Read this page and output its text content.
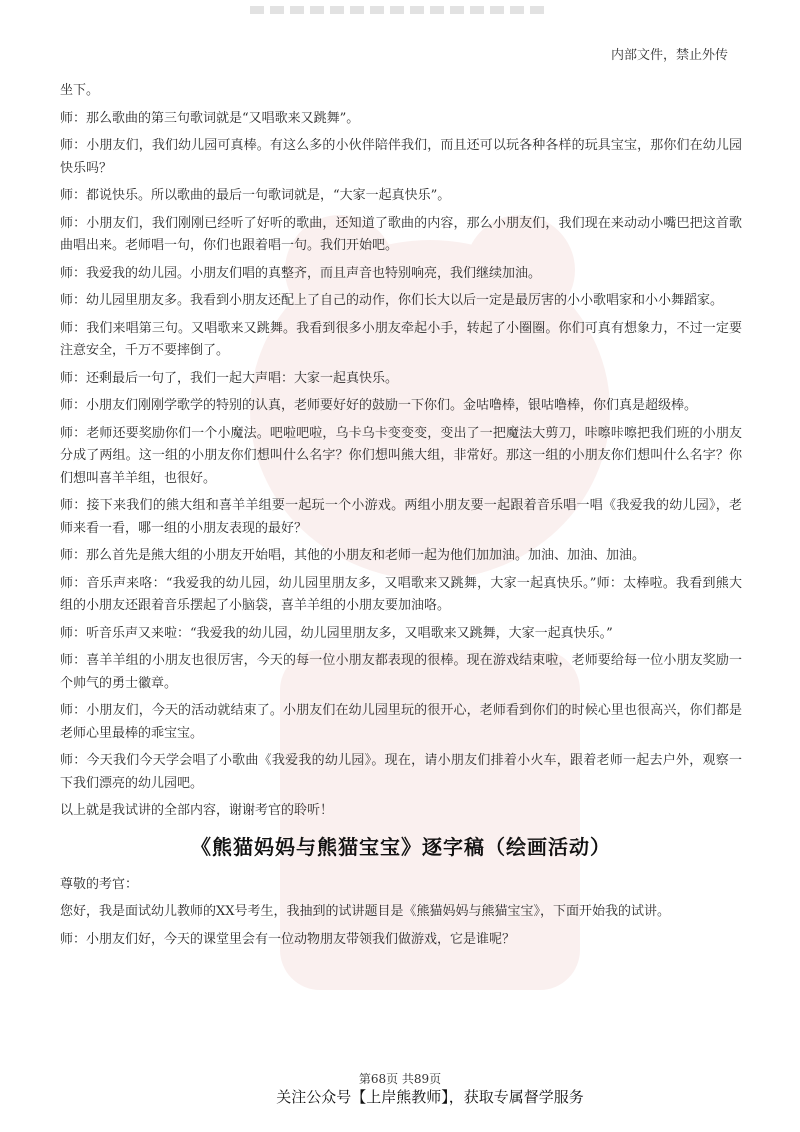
内部文件，禁止外传

坐下。

师：那么歌曲的第三句歌词就是“又唱歌来又跳舞”。

师：小朋友们，我们幼儿园可真棒。有这么多的小伙伴陪伴我们，而且还可以玩各种各样的玩具宝宝，那你们在幼儿园快乐吗？

师：都说快乐。所以歌曲的最后一句歌词就是，“大家一起真快乐”。

师：小朋友们，我们刚刚已经听了好听的歌曲，还知道了歌曲的内容，那么小朋友们，我们现在来动动小嘴巴把这首歌曲唱出来。老师唱一句，你们也跟着唱一句。我们开始吧。

师：我爱我的幼儿园。小朋友们唱的真整齐，而且声音也特别响亮，我们继续加油。

师：幼儿园里朋友多。我看到小朋友还配上了自己的动作，你们长大以后一定是最厉害的小小歌唱家和小小舞蹈家。

师：我们来唱第三句。又唱歌来又跳舞。我看到很多小朋友牵起小手，转起了小圈圈。你们可真有想象力，不过一定要注意安全，千万不要摔倒了。

师：还剩最后一句了，我们一起大声唱：大家一起真快乐。

师：小朋友们刚刚学歌学的特别的认真，老师要好好的鼓励一下你们。金咕噜棒，银咕噜棒，你们真是超级棒。

师：老师还要奖励你们一个小魔法。吧啦吧啦，乌卡乌卡变变变，变出了一把魔法大剪刀，咔嚓咔嚓把我们班的小朋友分成了两组。这一组的小朋友你们想叫什么名字？你们想叫熊大组，非常好。那这一组的小朋友你们想叫什么名字？你们想叫喜羊羊组，也很好。

师：接下来我们的熊大组和喜羊羊组要一起玩一个小游戏。两组小朋友要一起跟着音乐唱一唱《我爱我的幼儿园》，老师来看一看，哪一组的小朋友表现的最好？

师：那么首先是熊大组的小朋友开始唱，其他的小朋友和老师一起为他们加加油。加油、加油、加油。

师：音乐声来咯：“我爱我的幼儿园，幼儿园里朋友多，又唱歌来又跳舞，大家一起真快乐。”师：太棒啦。我看到熊大组的小朋友还跟着音乐摆起了小脑袋，喜羊羊组的小朋友要加油咯。

师：听音乐声又来啦：“我爱我的幼儿园，幼儿园里朋友多，又唱歌来又跳舞，大家一起真快乐。”

师：喜羊羊组的小朋友也很厉害，今天的每一位小朋友都表现的很棒。现在游戏结束啦，老师要给每一位小朋友奖励一个帅气的勇士徽章。

师：小朋友们，今天的活动就结束了。小朋友们在幼儿园里玩的很开心，老师看到你们的时候心里也很高兴，你们都是老师心里最棒的乖宝宝。

师：今天我们今天学会唱了小歌曲《我爱我的幼儿园》。现在，请小朋友们排着小火车，跟着老师一起去户外，观察一下我们漂亮的幼儿园吧。

以上就是我试讲的全部内容，谢谢考官的聆听！

《熊猫妈妈与熊猫宝宝》逐字稿（绘画活动）

尊敬的考官：

您好，我是面试幼儿教师的XX号考生，我抽到的试讲题目是《熊猫妈妈与熊猫宝宝》，下面开始我的试讲。

师：小朋友们好，今天的课堂里会有一位动物朋友带领我们做游戏，它是谁呢？

第68页 共89页
关注公众号【上岸熊教师】，获取专属督学服务
